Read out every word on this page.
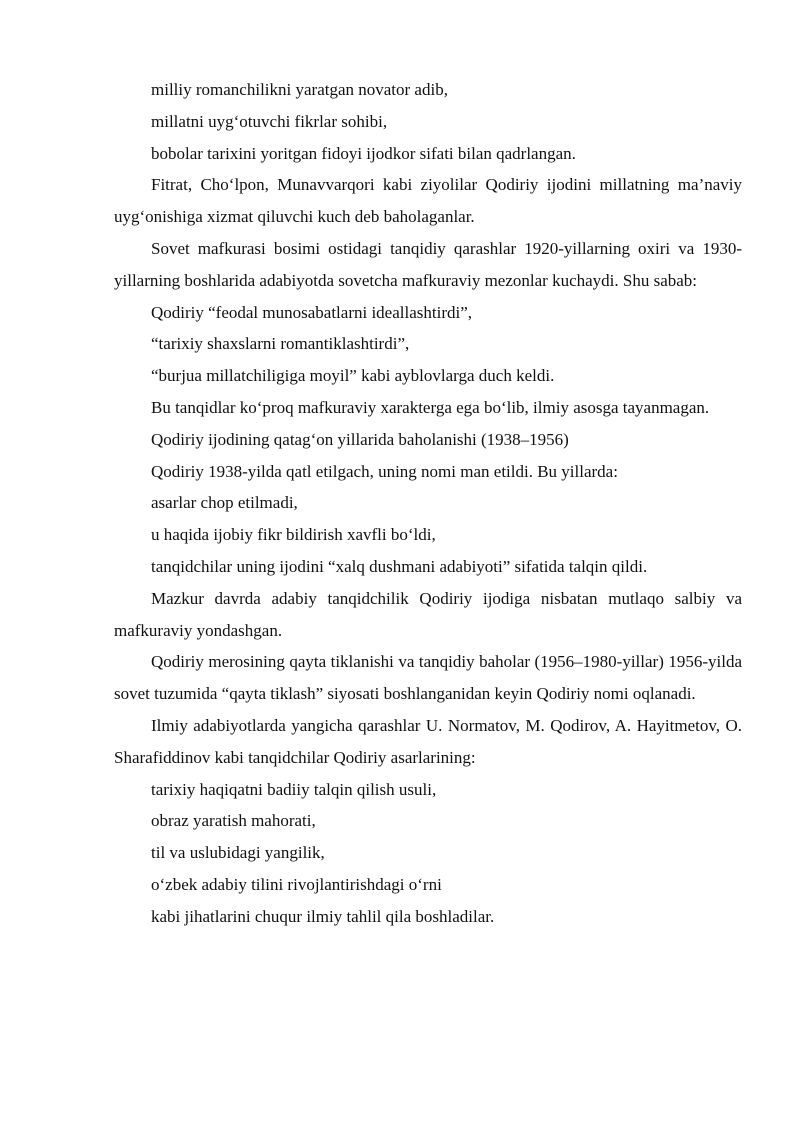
milliy romanchilikni yaratgan novator adib,

millatni uyg‘otuvchi fikrlar sohibi,

bobolar tarixini yoritgan fidoyi ijodkor sifati bilan qadrlangan.

Fitrat, Cho‘lpon, Munavvarqori kabi ziyolilar Qodiriy ijodini millatning ma’naviy uyg‘onishiga xizmat qiluvchi kuch deb baholaganlar.

Sovet mafkurasi bosimi ostidagi tanqidiy qarashlar 1920-yillarning oxiri va 1930-yillarning boshlarida adabiyotda sovetcha mafkuraviy mezonlar kuchaydi. Shu sabab:

Qodiriy “feodal munosabatlarni ideallashtirdi”,

“tarixiy shaxslarni romantiklashtirdi”,

“burjua millatchiligiga moyil” kabi ayblovlarga duch keldi.

Bu tanqidlar ko‘proq mafkuraviy xarakterga ega bo‘lib, ilmiy asosga tayanmagan.

Qodiriy ijodining qatag‘on yillarida baholanishi (1938–1956)

Qodiriy 1938-yilda qatl etilgach, uning nomi man etildi. Bu yillarda:

asarlar chop etilmadi,

u haqida ijobiy fikr bildirish xavfli bo‘ldi,

tanqidchilar uning ijodini “xalq dushmani adabiyoti” sifatida talqin qildi.

Mazkur davrda adabiy tanqidchilik Qodiriy ijodiga nisbatan mutlaqo salbiy va mafkuraviy yondashgan.

Qodiriy merosining qayta tiklanishi va tanqidiy baholar (1956–1980-yillar) 1956-yilda sovet tuzumida “qayta tiklash” siyosati boshlanganidan keyin Qodiriy nomi oqlanadi.

Ilmiy adabiyotlarda yangicha qarashlar U. Normatov, M. Qodirov, A. Hayitmetov, O. Sharafiddinov kabi tanqidchilar Qodiriy asarlarining:

tarixiy haqiqatni badiiy talqin qilish usuli,

obraz yaratish mahorati,

til va uslubidagi yangilik,

o‘zbek adabiy tilini rivojlantirishdagi o‘rni

kabi jihatlarini chuqur ilmiy tahlil qila boshladilar.
